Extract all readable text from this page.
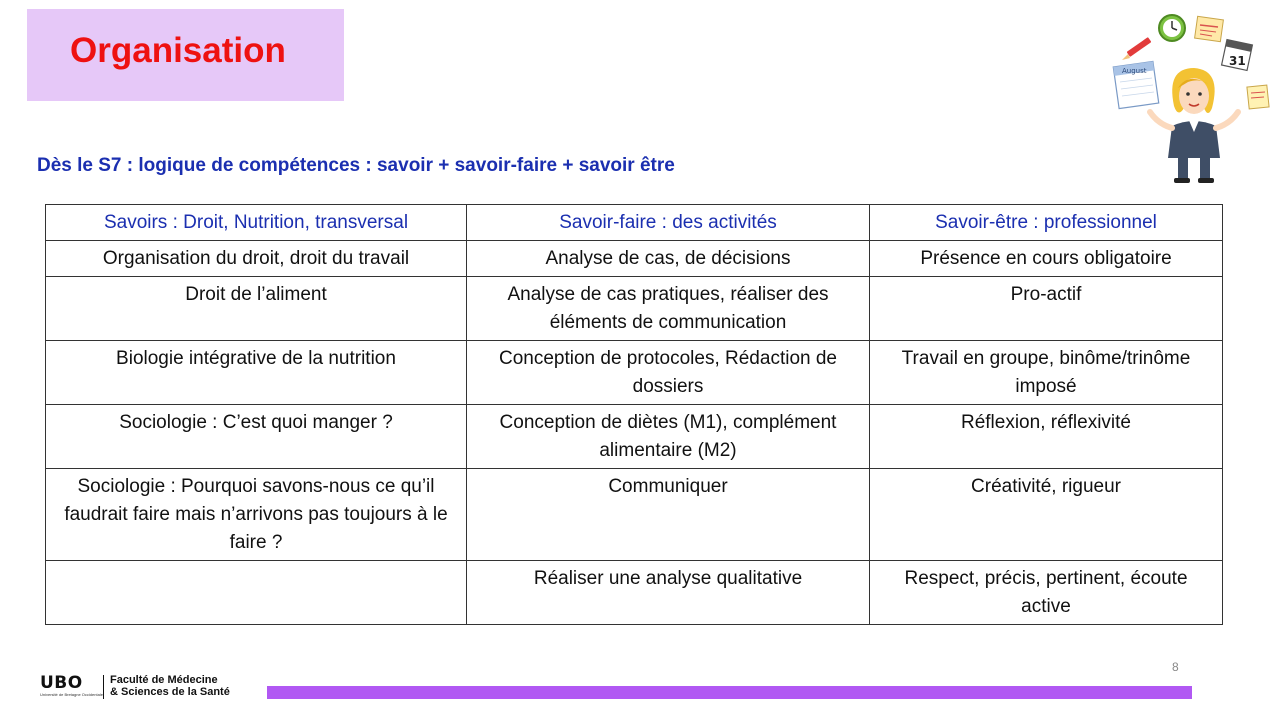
Organisation
Dès le S7 : logique de compétences : savoir + savoir-faire + savoir être
Savoirs : Droit, Nutrition, transversal	Savoir-faire : des activités	Savoir-être : professionnel
Organisation du droit, droit du travail	Analyse de cas, de décisions	Présence en cours obligatoire
Droit de l’aliment	Analyse de cas pratiques, réaliser des éléments de communication	Pro-actif
Biologie intégrative de la nutrition	Conception de protocoles, Rédaction de dossiers	Travail en groupe, binôme/trinôme imposé
Sociologie : C’est quoi manger ?	Conception de diètes (M1), complément alimentaire (M2)	Réflexion, réflexivité
Sociologie : Pourquoi savons-nous ce qu’il faudrait faire mais n’arrivons pas toujours à le faire ?	Communiquer	Créativité, rigueur
	Réaliser une analyse qualitative	Respect, précis, pertinent, écoute active
31
August
UBO
Université de Bretagne Occidentale
Faculté de Médecine
& Sciences de la Santé
8
